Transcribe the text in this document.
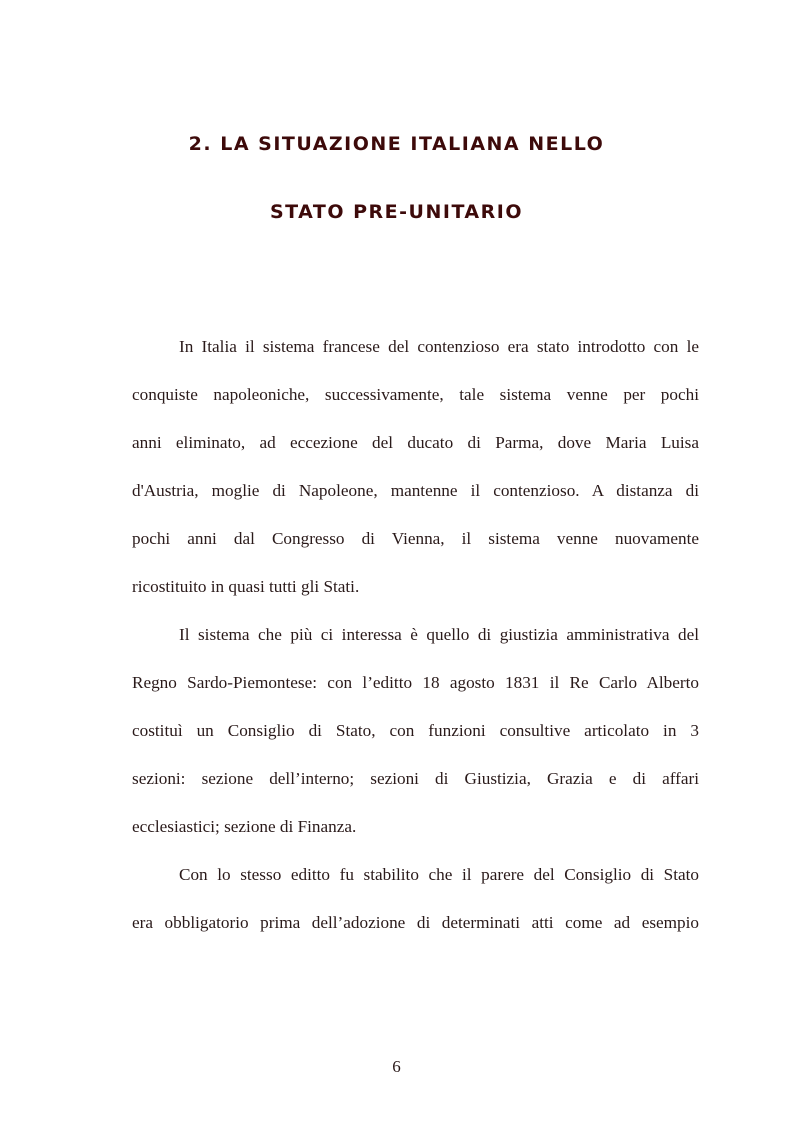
2. LA SITUAZIONE ITALIANA NELLO
STATO PRE-UNITARIO
In Italia il sistema francese del contenzioso era stato introdotto con le
conquiste napoleoniche, successivamente, tale sistema venne per pochi
anni eliminato, ad eccezione del ducato di Parma, dove Maria Luisa
d'Austria, moglie di Napoleone, mantenne il contenzioso. A distanza di
pochi anni dal Congresso di Vienna, il sistema venne nuovamente
ricostituito in quasi tutti gli Stati.
Il sistema che più ci interessa è quello di giustizia amministrativa del
Regno Sardo-Piemontese: con l’editto 18 agosto 1831 il Re Carlo Alberto
costituì un Consiglio di Stato, con funzioni consultive articolato in 3
sezioni: sezione dell’interno; sezioni di Giustizia, Grazia e di affari
ecclesiastici; sezione di Finanza.
Con lo stesso editto fu stabilito che il parere del Consiglio di Stato
era obbligatorio prima dell’adozione di determinati atti come ad esempio
6
